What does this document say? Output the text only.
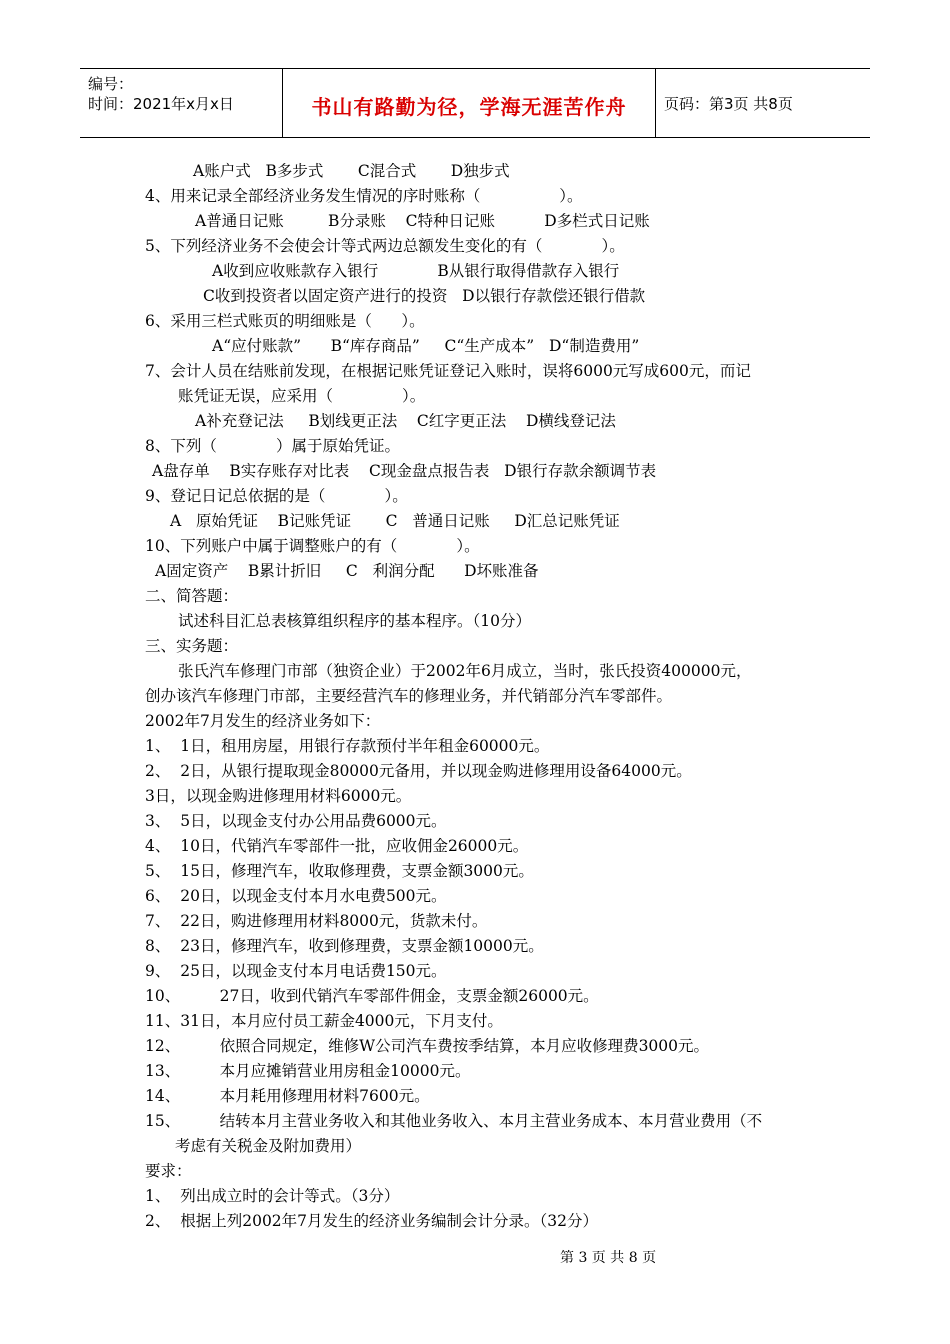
编号：
时间：2021年x月x日	书山有路勤为径，学海无涯苦作舟	页码：第3页 共8页
A账户式   B多步式       C混合式       D独步式
4、用来记录全部经济业务发生情况的序时账称（                ）。
A普通日记账         B分录账    C特种日记账          D多栏式日记账
5、下列经济业务不会使会计等式两边总额发生变化的有（            ）。
A收到应收账款存入银行            B从银行取得借款存入银行
C收到投资者以固定资产进行的投资   D以银行存款偿还银行借款
6、采用三栏式账页的明细账是（      ）。
A“应付账款”      B“库存商品”     C“生产成本”   D“制造费用”
7、会计人员在结账前发现，在根据记账凭证登记入账时，误将6000元写成600元，而记
账凭证无误，应采用（              ）。
A补充登记法     B划线更正法    C红字更正法    D横线登记法
8、下列（            ）属于原始凭证。
A盘存单    B实存账存对比表    C现金盘点报告表   D银行存款余额调节表
9、登记日记总依据的是（            ）。
A   原始凭证    B记账凭证       C   普通日记账     D汇总记账凭证
10、下列账户中属于调整账户的有（            ）。
A固定资产    B累计折旧     C   利润分配      D坏账准备
二、简答题：
试述科目汇总表核算组织程序的基本程序。（10分）
三、实务题：
张氏汽车修理门市部（独资企业）于2002年6月成立，当时，张氏投资400000元，
创办该汽车修理门市部，主要经营汽车的修理业务，并代销部分汽车零部件。
2002年7月发生的经济业务如下：
1、  1日，租用房屋，用银行存款预付半年租金60000元。
2、  2日，从银行提取现金80000元备用，并以现金购进修理用设备64000元。
3日，以现金购进修理用材料6000元。
3、  5日，以现金支付办公用品费6000元。
4、  10日，代销汽车零部件一批，应收佣金26000元。
5、  15日，修理汽车，收取修理费，支票金额3000元。
6、  20日，以现金支付本月水电费500元。
7、  22日，购进修理用材料8000元，货款未付。
8、  23日，修理汽车，收到修理费，支票金额10000元。
9、  25日，以现金支付本月电话费150元。
10、        27日，收到代销汽车零部件佣金，支票金额26000元。
11、31日，本月应付员工薪金4000元，下月支付。
12、        依照合同规定，维修W公司汽车费按季结算，本月应收修理费3000元。
13、        本月应摊销营业用房租金10000元。
14、        本月耗用修理用材料7600元。
15、        结转本月主营业务收入和其他业务收入、本月主营业务成本、本月营业费用（不
考虑有关税金及附加费用）
要求：
1、  列出成立时的会计等式。（3分）
2、  根据上列2002年7月发生的经济业务编制会计分录。（32分）
第 3 页 共 8 页
